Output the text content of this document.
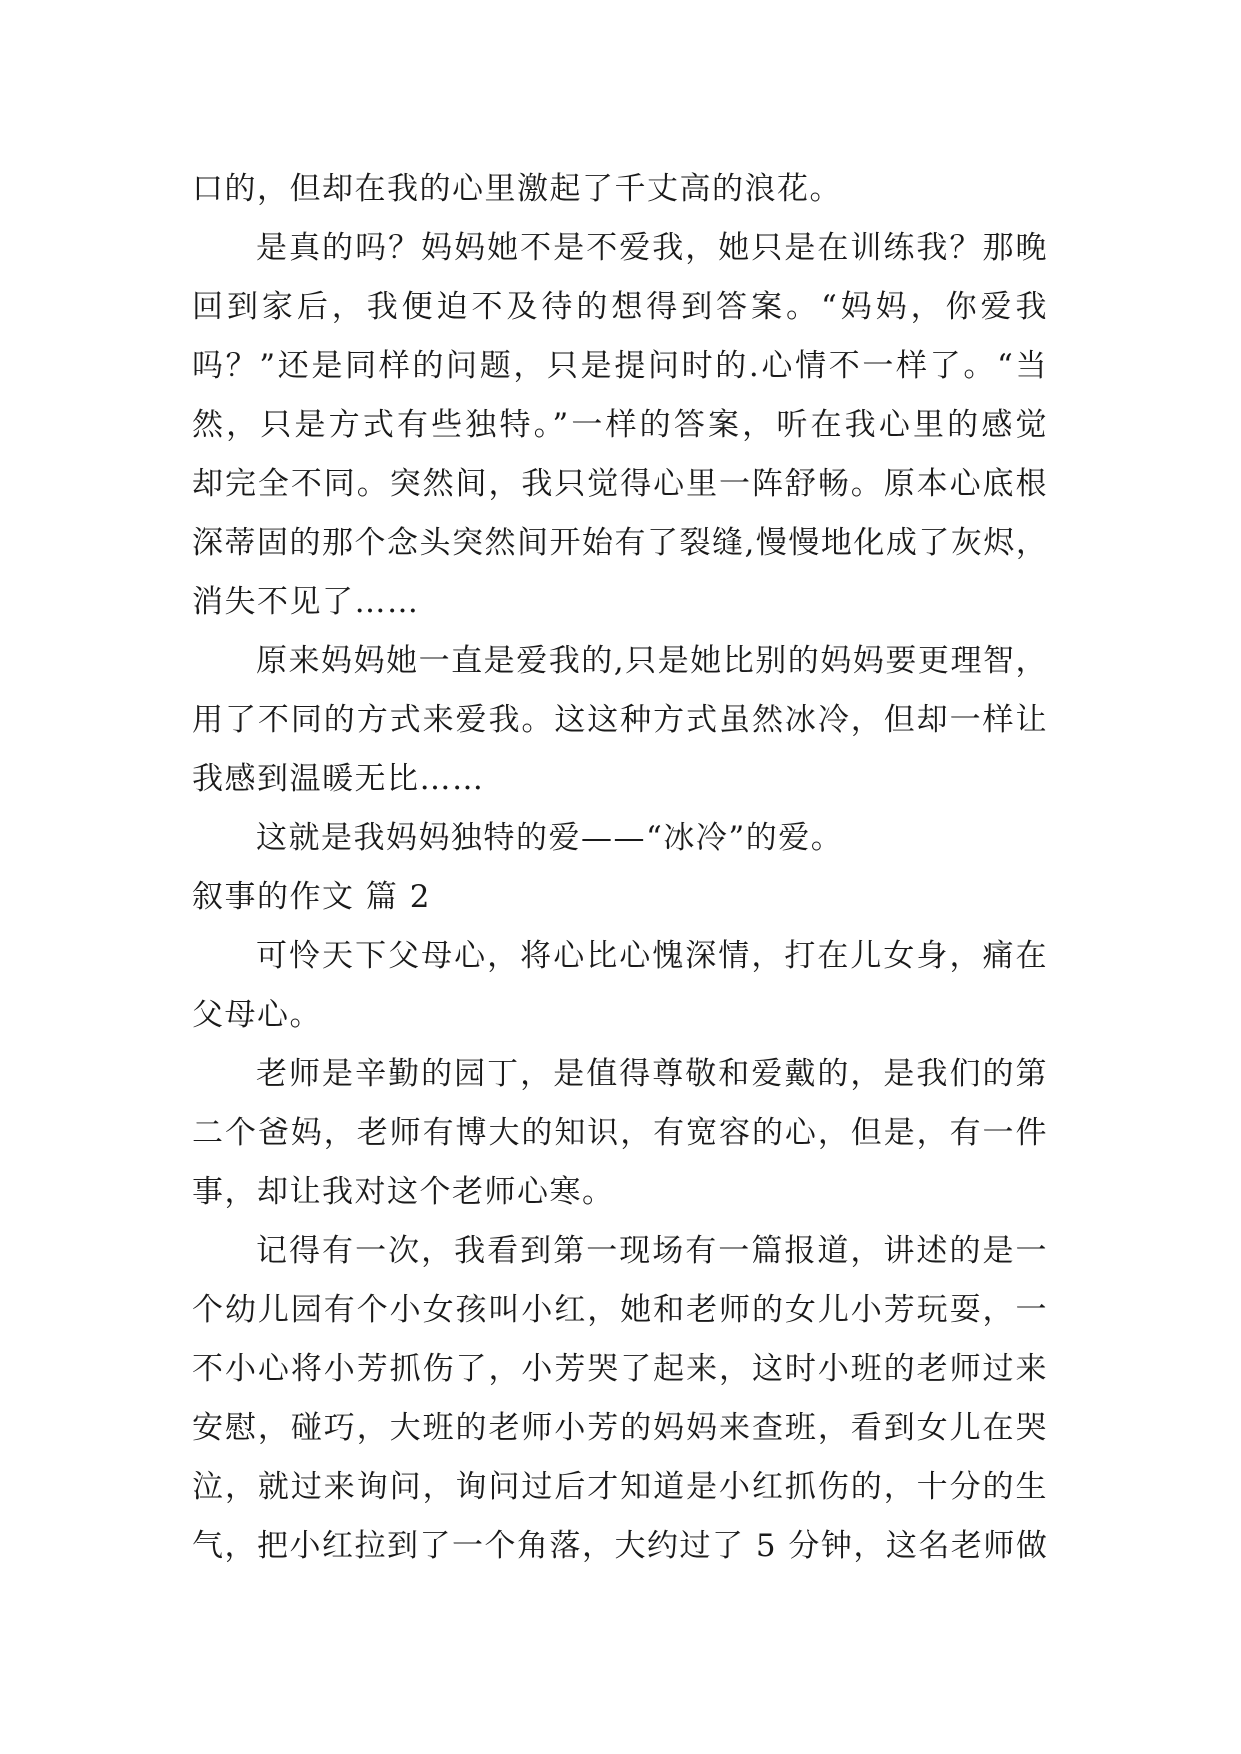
口的，但却在我的心里激起了千丈高的浪花。
是真的吗？妈妈她不是不爱我，她只是在训练我？那晚
回到家后，我便迫不及待的想得到答案。“妈妈，你爱我
吗？”还是同样的问题，只是提问时的.心情不一样了。“当
然，只是方式有些独特。”一样的答案，听在我心里的感觉
却完全不同。突然间，我只觉得心里一阵舒畅。原本心底根
深蒂固的那个念头突然间开始有了裂缝,慢慢地化成了灰烬，
消失不见了……
原来妈妈她一直是爱我的,只是她比别的妈妈要更理智，
用了不同的方式来爱我。这这种方式虽然冰冷，但却一样让
我感到温暖无比……
这就是我妈妈独特的爱——“冰冷”的爱。
叙事的作文 篇 2
可怜天下父母心，将心比心愧深情，打在儿女身，痛在
父母心。
老师是辛勤的园丁，是值得尊敬和爱戴的，是我们的第
二个爸妈，老师有博大的知识，有宽容的心，但是，有一件
事，却让我对这个老师心寒。
记得有一次，我看到第一现场有一篇报道，讲述的是一
个幼儿园有个小女孩叫小红，她和老师的女儿小芳玩耍，一
不小心将小芳抓伤了，小芳哭了起来，这时小班的老师过来
安慰，碰巧，大班的老师小芳的妈妈来查班，看到女儿在哭
泣，就过来询问，询问过后才知道是小红抓伤的，十分的生
气，把小红拉到了一个角落，大约过了 5 分钟，这名老师做
